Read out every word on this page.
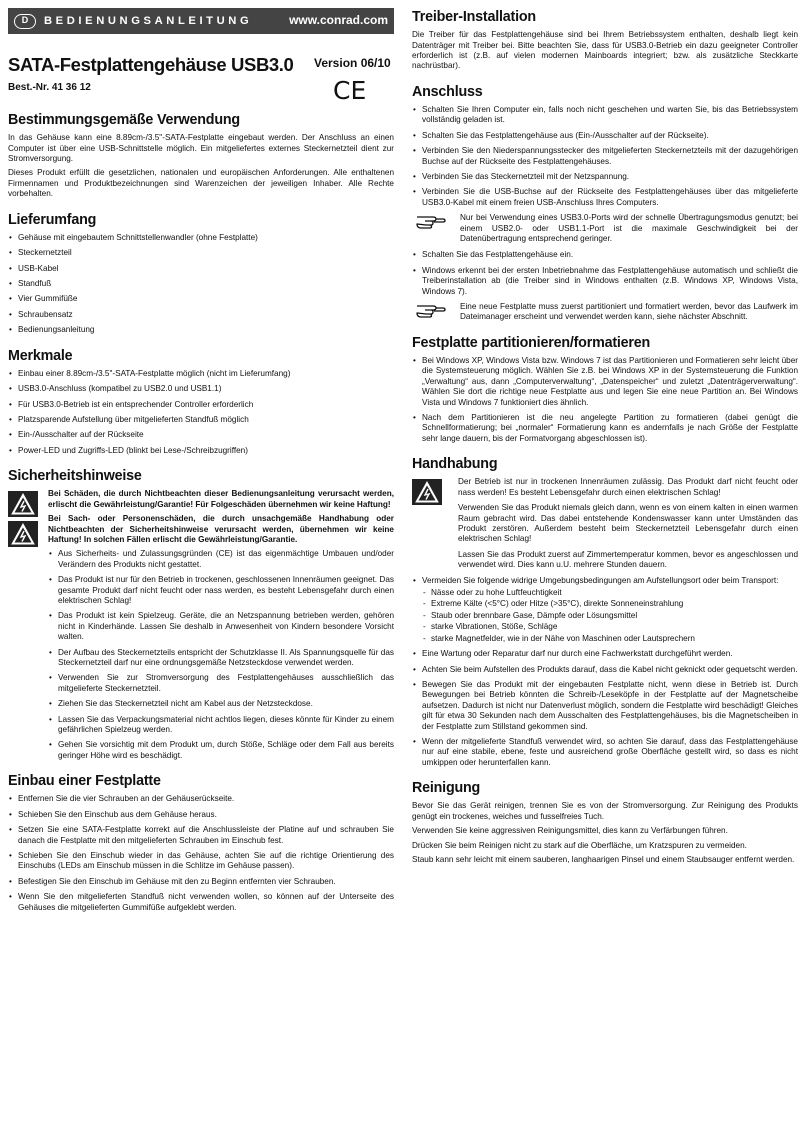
D	BEDIENUNGSANLEITUNG	www.conrad.com
SATA-Festplattengehäuse USB3.0	Version 06/10
CE
Best.-Nr. 41 36 12
Bestimmungsgemäße Verwendung

In das Gehäuse kann eine 8.89cm-/3.5"-SATA-Festplatte eingebaut werden. Der Anschluss an einen Computer ist über eine USB-Schnittstelle möglich. Ein mitgeliefertes externes Steckernetzteil dient zur Stromversorgung.

Dieses Produkt erfüllt die gesetzlichen, nationalen und europäischen Anforderungen. Alle enthaltenen Firmennamen und Produktbezeichnungen sind Warenzeichen der jeweiligen Inhaber. Alle Rechte vorbehalten.

Lieferumfang
• Gehäuse mit eingebautem Schnittstellenwandler (ohne Festplatte)
• Steckernetzteil
• USB-Kabel
• Standfuß
• Vier Gummifüße
• Schraubensatz
• Bedienungsanleitung
Merkmale
• Einbau einer 8.89cm-/3.5"-SATA-Festplatte möglich (nicht im Lieferumfang)
• USB3.0-Anschluss (kompatibel zu USB2.0 und USB1.1)
• Für USB3.0-Betrieb ist ein entsprechender Controller erforderlich
• Platzsparende Aufstellung über mitgelieferten Standfuß möglich
• Ein-/Ausschalter auf der Rückseite
• Power-LED und Zugriffs-LED (blinkt bei Lese-/Schreibzugriffen)
Sicherheitshinweise

Bei Schäden, die durch Nichtbeachten dieser Bedienungsanleitung verursacht werden, erlischt die Gewährleistung/Garantie! Für Folgeschäden übernehmen wir keine Haftung!

Bei Sach- oder Personenschäden, die durch unsachgemäße Handhabung oder Nichtbeachten der Sicherheitshinweise verursacht werden, übernehmen wir keine Haftung! In solchen Fällen erlischt die Gewährleistung/Garantie.

• Aus Sicherheits- und Zulassungsgründen (CE) ist das eigenmächtige Umbauen und/oder Verändern des Produkts nicht gestattet.
• Das Produkt ist nur für den Betrieb in trockenen, geschlossenen Innenräumen geeignet. Das gesamte Produkt darf nicht feucht oder nass werden, es besteht Lebensgefahr durch einen elektrischen Schlag!
• Das Produkt ist kein Spielzeug. Geräte, die an Netzspannung betrieben werden, gehören nicht in Kinderhände. Lassen Sie deshalb in Anwesenheit von Kindern besondere Vorsicht walten.
• Der Aufbau des Steckernetzteils entspricht der Schutzklasse II. Als Spannungsquelle für das Steckernetzteil darf nur eine ordnungsgemäße Netzsteckdose verwendet werden.
• Verwenden Sie zur Stromversorgung des Festplattengehäuses ausschließlich das mitgelieferte Steckernetzteil.
• Ziehen Sie das Steckernetzteil nicht am Kabel aus der Netzsteckdose.
• Lassen Sie das Verpackungsmaterial nicht achtlos liegen, dieses könnte für Kinder zu einem gefährlichen Spielzeug werden.
• Gehen Sie vorsichtig mit dem Produkt um, durch Stöße, Schläge oder dem Fall aus bereits geringer Höhe wird es beschädigt.
Einbau einer Festplatte
• Entfernen Sie die vier Schrauben an der Gehäuserückseite.
• Schieben Sie den Einschub aus dem Gehäuse heraus.
• Setzen Sie eine SATA-Festplatte korrekt auf die Anschlussleiste der Platine auf und schrauben Sie danach die Festplatte mit den mitgelieferten Schrauben im Einschub fest.
• Schieben Sie den Einschub wieder in das Gehäuse, achten Sie auf die richtige Orientierung des Einschubs (LEDs am Einschub müssen in die Schlitze im Gehäuse passen).
• Befestigen Sie den Einschub im Gehäuse mit den zu Beginn entfernten vier Schrauben.
• Wenn Sie den mitgelieferten Standfuß nicht verwenden wollen, so können auf der Unterseite des Gehäuses die mitgelieferten Gummifüße aufgeklebt werden.
Treiber-Installation

Die Treiber für das Festplattengehäuse sind bei Ihrem Betriebssystem enthalten, deshalb liegt kein Datenträger mit Treiber bei. Bitte beachten Sie, dass für USB3.0-Betrieb ein dazu geeigneter Controller erforderlich ist (z.B. auf vielen modernen Mainboards integriert; bzw. als zusätzliche Steckkarte nachrüstbar).

Anschluss
• Schalten Sie Ihren Computer ein, falls noch nicht geschehen und warten Sie, bis das Betriebssystem vollständig geladen ist.
• Schalten Sie das Festplattengehäuse aus (Ein-/Ausschalter auf der Rückseite).
• Verbinden Sie den Niederspannungsstecker des mitgelieferten Steckernetzteils mit der dazugehörigen Buchse auf der Rückseite des Festplattengehäuses.
• Verbinden Sie das Steckernetzteil mit der Netzspannung.
• Verbinden Sie die USB-Buchse auf der Rückseite des Festplattengehäuses über das mitgelieferte USB3.0-Kabel mit einem freien USB-Anschluss Ihres Computers.
Nur bei Verwendung eines USB3.0-Ports wird der schnelle Übertragungsmodus genutzt; bei einem USB2.0- oder USB1.1-Port ist die maximale Geschwindigkeit bei der Datenübertragung entsprechend geringer.
• Schalten Sie das Festplattengehäuse ein.
• Windows erkennt bei der ersten Inbetriebnahme das Festplattengehäuse automatisch und schließt die Treiberinstallation ab (die Treiber sind in Windows enthalten (z.B. Windows XP, Windows Vista, Windows 7).
Eine neue Festplatte muss zuerst partitioniert und formatiert werden, bevor das Laufwerk im Dateimanager erscheint und verwendet werden kann, siehe nächster Abschnitt.
Festplatte partitionieren/formatieren
• Bei Windows XP, Windows Vista bzw. Windows 7 ist das Partitionieren und Formatieren sehr leicht über die Systemsteuerung möglich. Wählen Sie z.B. bei Windows XP in der Systemsteuerung die Funktion „Verwaltung“ aus, dann „Computerverwaltung“, „Datenspeicher“ und zuletzt „Datenträgerverwaltung“. Wählen Sie dort die richtige neue Festplatte aus und legen Sie eine neue Partition an. Bei Windows Vista und Windows 7 funktioniert dies ähnlich.
• Nach dem Partitionieren ist die neu angelegte Partition zu formatieren (dabei genügt die Schnellformatierung; bei „normaler“ Formatierung kann es andernfalls je nach Größe der Festplatte sehr lange dauern, bis der Formatvorgang abgeschlossen ist).
Handhabung

Der Betrieb ist nur in trockenen Innenräumen zulässig. Das Produkt darf nicht feucht oder nass werden! Es besteht Lebensgefahr durch einen elektrischen Schlag!

Verwenden Sie das Produkt niemals gleich dann, wenn es von einem kalten in einen warmen Raum gebracht wird. Das dabei entstehende Kondenswasser kann unter Umständen das Produkt zerstören. Außerdem besteht beim Steckernetzteil Lebensgefahr durch einen elektrischen Schlag!

Lassen Sie das Produkt zuerst auf Zimmertemperatur kommen, bevor es angeschlossen und verwendet wird. Dies kann u.U. mehrere Stunden dauern.

• Vermeiden Sie folgende widrige Umgebungsbedingungen am Aufstellungsort oder beim Transport:
- Nässe oder zu hohe Luftfeuchtigkeit
- Extreme Kälte (<5°C) oder Hitze (>35°C), direkte Sonneneinstrahlung
- Staub oder brennbare Gase, Dämpfe oder Lösungsmittel
- starke Vibrationen, Stöße, Schläge
- starke Magnetfelder, wie in der Nähe von Maschinen oder Lautsprechern
• Eine Wartung oder Reparatur darf nur durch eine Fachwerkstatt durchgeführt werden.
• Achten Sie beim Aufstellen des Produkts darauf, dass die Kabel nicht geknickt oder gequetscht werden.
• Bewegen Sie das Produkt mit der eingebauten Festplatte nicht, wenn diese in Betrieb ist. Durch Bewegungen bei Betrieb könnten die Schreib-/Leseköpfe in der Festplatte auf der Magnetscheibe aufsetzen. Dadurch ist nicht nur Datenverlust möglich, sondern die Festplatte wird beschädigt! Gleiches gilt für etwa 30 Sekunden nach dem Ausschalten des Festplattengehäuses, bis die Magnetscheiben in der Festplatte zum Stillstand gekommen sind.
• Wenn der mitgelieferte Standfuß verwendet wird, so achten Sie darauf, dass das Festplattengehäuse nur auf eine stabile, ebene, feste und ausreichend große Oberfläche gestellt wird, so dass es nicht umkippen oder herunterfallen kann.
Reinigung

Bevor Sie das Gerät reinigen, trennen Sie es von der Stromversorgung. Zur Reinigung des Produkts genügt ein trockenes, weiches und fusselfreies Tuch.

Verwenden Sie keine aggressiven Reinigungsmittel, dies kann zu Verfärbungen führen.

Drücken Sie beim Reinigen nicht zu stark auf die Oberfläche, um Kratzspuren zu vermeiden.

Staub kann sehr leicht mit einem sauberen, langhaarigen Pinsel und einem Staubsauger entfernt werden.
